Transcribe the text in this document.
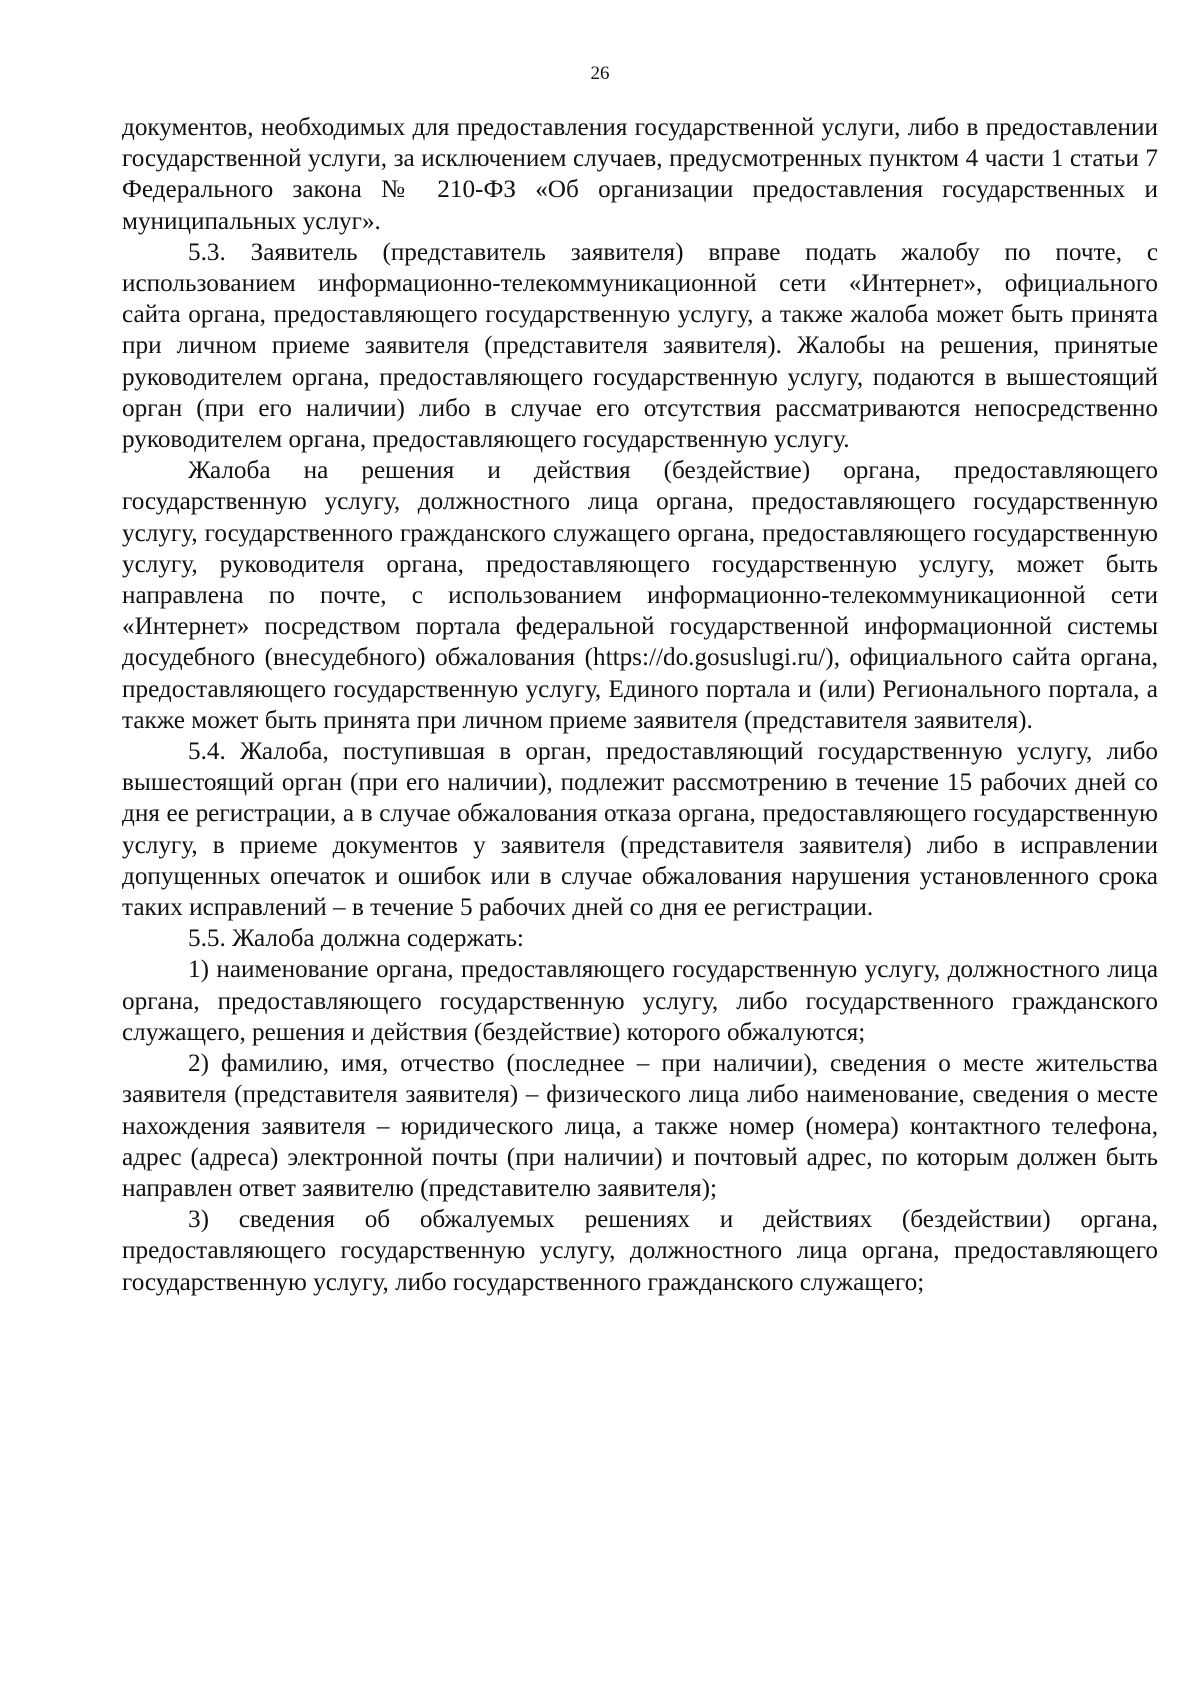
26

документов, необходимых для предоставления государственной услуги, либо в предоставлении государственной услуги, за исключением случаев, предусмотренных пунктом 4 части 1 статьи 7 Федерального закона № 210-ФЗ «Об организации предоставления государственных и муниципальных услуг».

5.3. Заявитель (представитель заявителя) вправе подать жалобу по почте, с использованием информационно-телекоммуникационной сети «Интернет», официального сайта органа, предоставляющего государственную услугу, а также жалоба может быть принята при личном приеме заявителя (представителя заявителя). Жалобы на решения, принятые руководителем органа, предоставляющего государственную услугу, подаются в вышестоящий орган (при его наличии) либо в случае его отсутствия рассматриваются непосредственно руководителем органа, предоставляющего государственную услугу.

Жалоба на решения и действия (бездействие) органа, предоставляющего государственную услугу, должностного лица органа, предоставляющего государственную услугу, государственного гражданского служащего органа, предоставляющего государственную услугу, руководителя органа, предоставляющего государственную услугу, может быть направлена по почте, с использованием информационно-телекоммуникационной сети «Интернет» посредством портала федеральной государственной информационной системы досудебного (внесудебного) обжалования (https://do.gosuslugi.ru/), официального сайта органа, предоставляющего государственную услугу, Единого портала и (или) Регионального портала, а также может быть принята при личном приеме заявителя (представителя заявителя).

5.4. Жалоба, поступившая в орган, предоставляющий государственную услугу, либо вышестоящий орган (при его наличии), подлежит рассмотрению в течение 15 рабочих дней со дня ее регистрации, а в случае обжалования отказа органа, предоставляющего государственную услугу, в приеме документов у заявителя (представителя заявителя) либо в исправлении допущенных опечаток и ошибок или в случае обжалования нарушения установленного срока таких исправлений – в течение 5 рабочих дней со дня ее регистрации.

5.5. Жалоба должна содержать:

1) наименование органа, предоставляющего государственную услугу, должностного лица органа, предоставляющего государственную услугу, либо государственного гражданского служащего, решения и действия (бездействие) которого обжалуются;

2) фамилию, имя, отчество (последнее – при наличии), сведения о месте жительства заявителя (представителя заявителя) – физического лица либо наименование, сведения о месте нахождения заявителя – юридического лица, а также номер (номера) контактного телефона, адрес (адреса) электронной почты (при наличии) и почтовый адрес, по которым должен быть направлен ответ заявителю (представителю заявителя);

3) сведения об обжалуемых решениях и действиях (бездействии) органа, предоставляющего государственную услугу, должностного лица органа, предоставляющего государственную услугу, либо государственного гражданского служащего;
